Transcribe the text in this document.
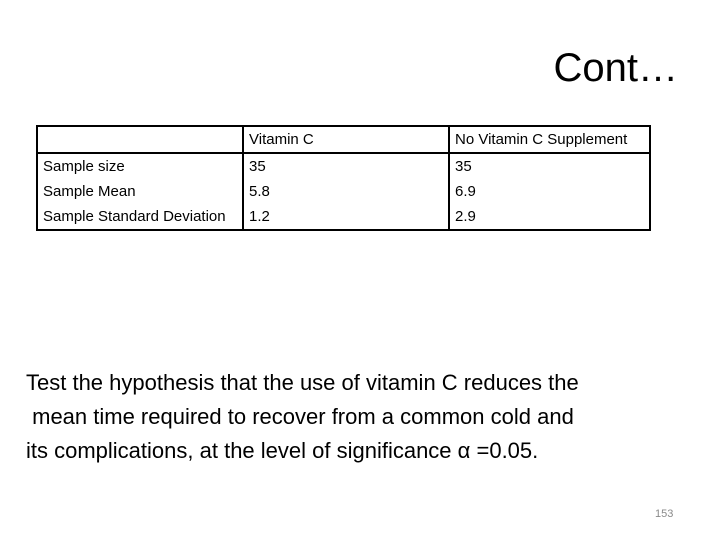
Cont…
	Vitamin C	No Vitamin C Supplement
Sample size	35	35
Sample Mean	5.8	6.9
Sample Standard Deviation	1.2	2.9

Test the hypothesis that the use of vitamin C reduces the
mean time required to recover from a common cold and
its complications, at the level of significance α =0.05.

153
